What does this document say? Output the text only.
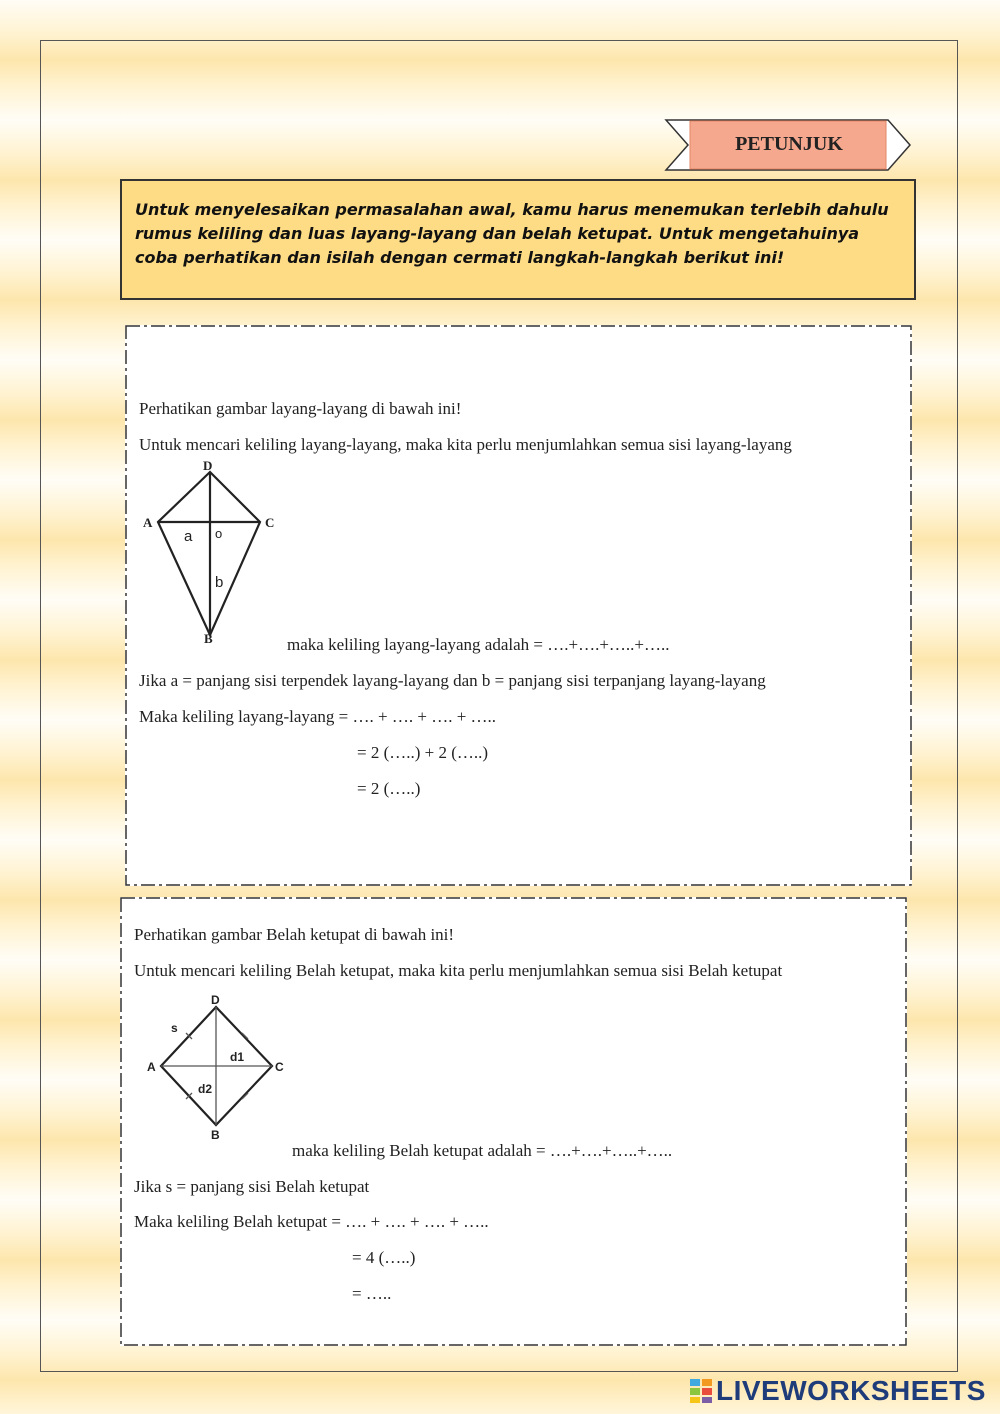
PETUNJUK
Untuk menyelesaikan permasalahan awal, kamu harus menemukan terlebih dahulu rumus keliling dan luas layang-layang dan belah ketupat. Untuk mengetahuinya coba perhatikan dan isilah dengan cermati langkah-langkah berikut ini!
Perhatikan gambar layang-layang di bawah ini!
Untuk mencari keliling layang-layang, maka kita perlu menjumlahkan semua sisi layang-layang
D
A	C
B
o
a
b
maka keliling layang-layang adalah = ….+….+…..+…..
Jika a = panjang sisi terpendek layang-layang dan b = panjang sisi terpanjang layang-layang
Maka keliling layang-layang = …. + …. + …. + …..
= 2 (…..) + 2 (…..)
= 2 (…..)
Perhatikan gambar Belah ketupat di bawah ini!
Untuk mencari keliling Belah ketupat, maka kita perlu menjumlahkan semua sisi Belah ketupat
D
A	C
B
s
d1
d2
maka keliling Belah ketupat adalah = ….+….+…..+…..
Jika s = panjang sisi Belah ketupat
Maka keliling Belah ketupat = …. + …. + …. + …..
= 4 (…..)
= …..
LIVEWORKSHEETS
